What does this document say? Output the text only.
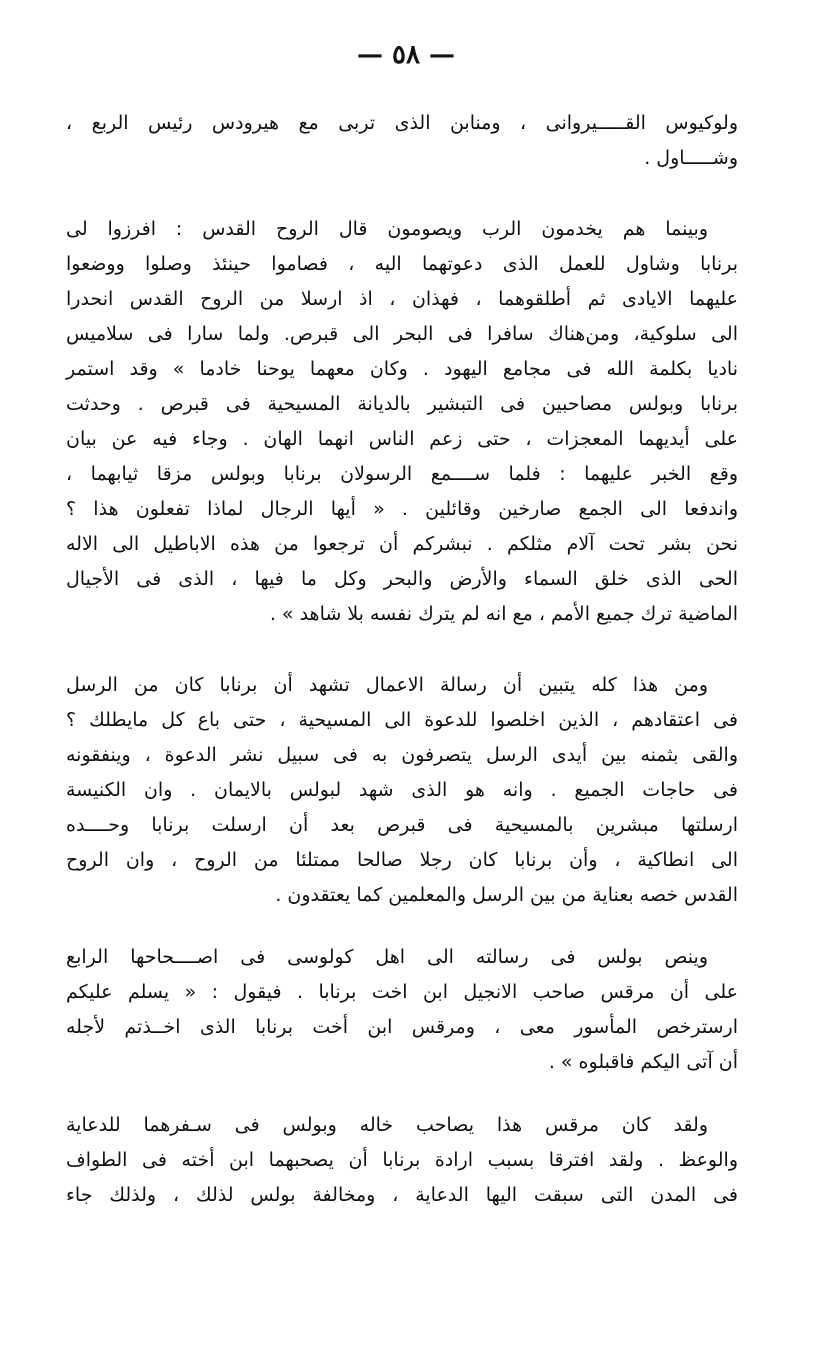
— ٥٨ —

ولوكيوس القـــــيروانى ، ومنابن الذى تربى مع هيرودس رئيس الربع ،
وشـــــاول .

وبينما هم يخدمون الرب ويصومون قال الروح القدس : افرزوا لى
برنابا وشاول للعمل الذى دعوتهما اليه ، فصاموا حينئذ وصلوا ووضعوا
عليهما الايادى ثم أطلقوهما ، فهذان ، اذ ارسلا من الروح القدس انحدرا
الى سلوكية، ومن‌هناك سافرا فى البحر الى قبرص. ولما سارا فى سلاميس
ناديا بكلمة الله فى مجامع اليهود . وكان معهما يوحنا خادما » وقد استمر
برنابا وبولس مصاحبين فى التبشير بالديانة المسيحية فى قبرص . وحدثت
على أيديهما المعجزات ، حتى زعم الناس انهما الهان . وجاء فيه عن بيان
وقع الخبر عليهما : فلما ســــمع الرسولان برنابا وبولس مزقا ثيابهما ،
واندفعا الى الجمع صارخين وقائلين . « أيها الرجال لماذا تفعلون هذا ؟
نحن بشر تحت آلام مثلكم . نبشركم أن ترجعوا من هذه الاباطيل الى الاله
الحى الذى خلق السماء والأرض والبحر وكل ما فيها ، الذى فى الأجيال
الماضية ترك جميع الأمم ، مع انه لم يترك نفسه بلا شاهد » .

ومن هذا كله يتبين أن رسالة الاعمال تشهد أن برنابا كان من الرسل
فى اعتقادهم ، الذين اخلصوا للدعوة الى المسيحية ، حتى باع كل مايطلك ؟
والقى بثمنه بين أيدى الرسل يتصرفون به فى سبيل نشر الدعوة ، وينفقونه
فى حاجات الجميع . وانه هو الذى شهد لبولس بالايمان . وان الكنيسة
ارسلتها مبشرين بالمسيحية فى قبرص بعد أن ارسلت برنابا وحــــده
الى انطاكية ، وأن برنابا كان رجلا صالحا ممتلئا من الروح ، وان الروح
القدس خصه بعناية من بين الرسل والمعلمين كما يعتقدون .

وينص بولس فى رسالته الى اهل كولوسى فى اصــــحاحها الرابع
على أن مرقس صاحب الانجيل ابن اخت برنابا . فيقول : « يسلم عليكم
ارسترخص المأسور معى ، ومرقس ابن أخت برنابا الذى اخــذتم لأجله
أن آتى اليكم فاقبلوه » .

ولقد كان مرقس هذا يصاحب خاله وبولس فى سـفرهما للدعاية
والوعظ . ولقد افترقا بسبب ارادة برنابا أن يصحبهما ابن أخته فى الطواف
فى المدن التى سبقت اليها الدعاية ، ومخالفة بولس لذلك ، ولذلك جاء
